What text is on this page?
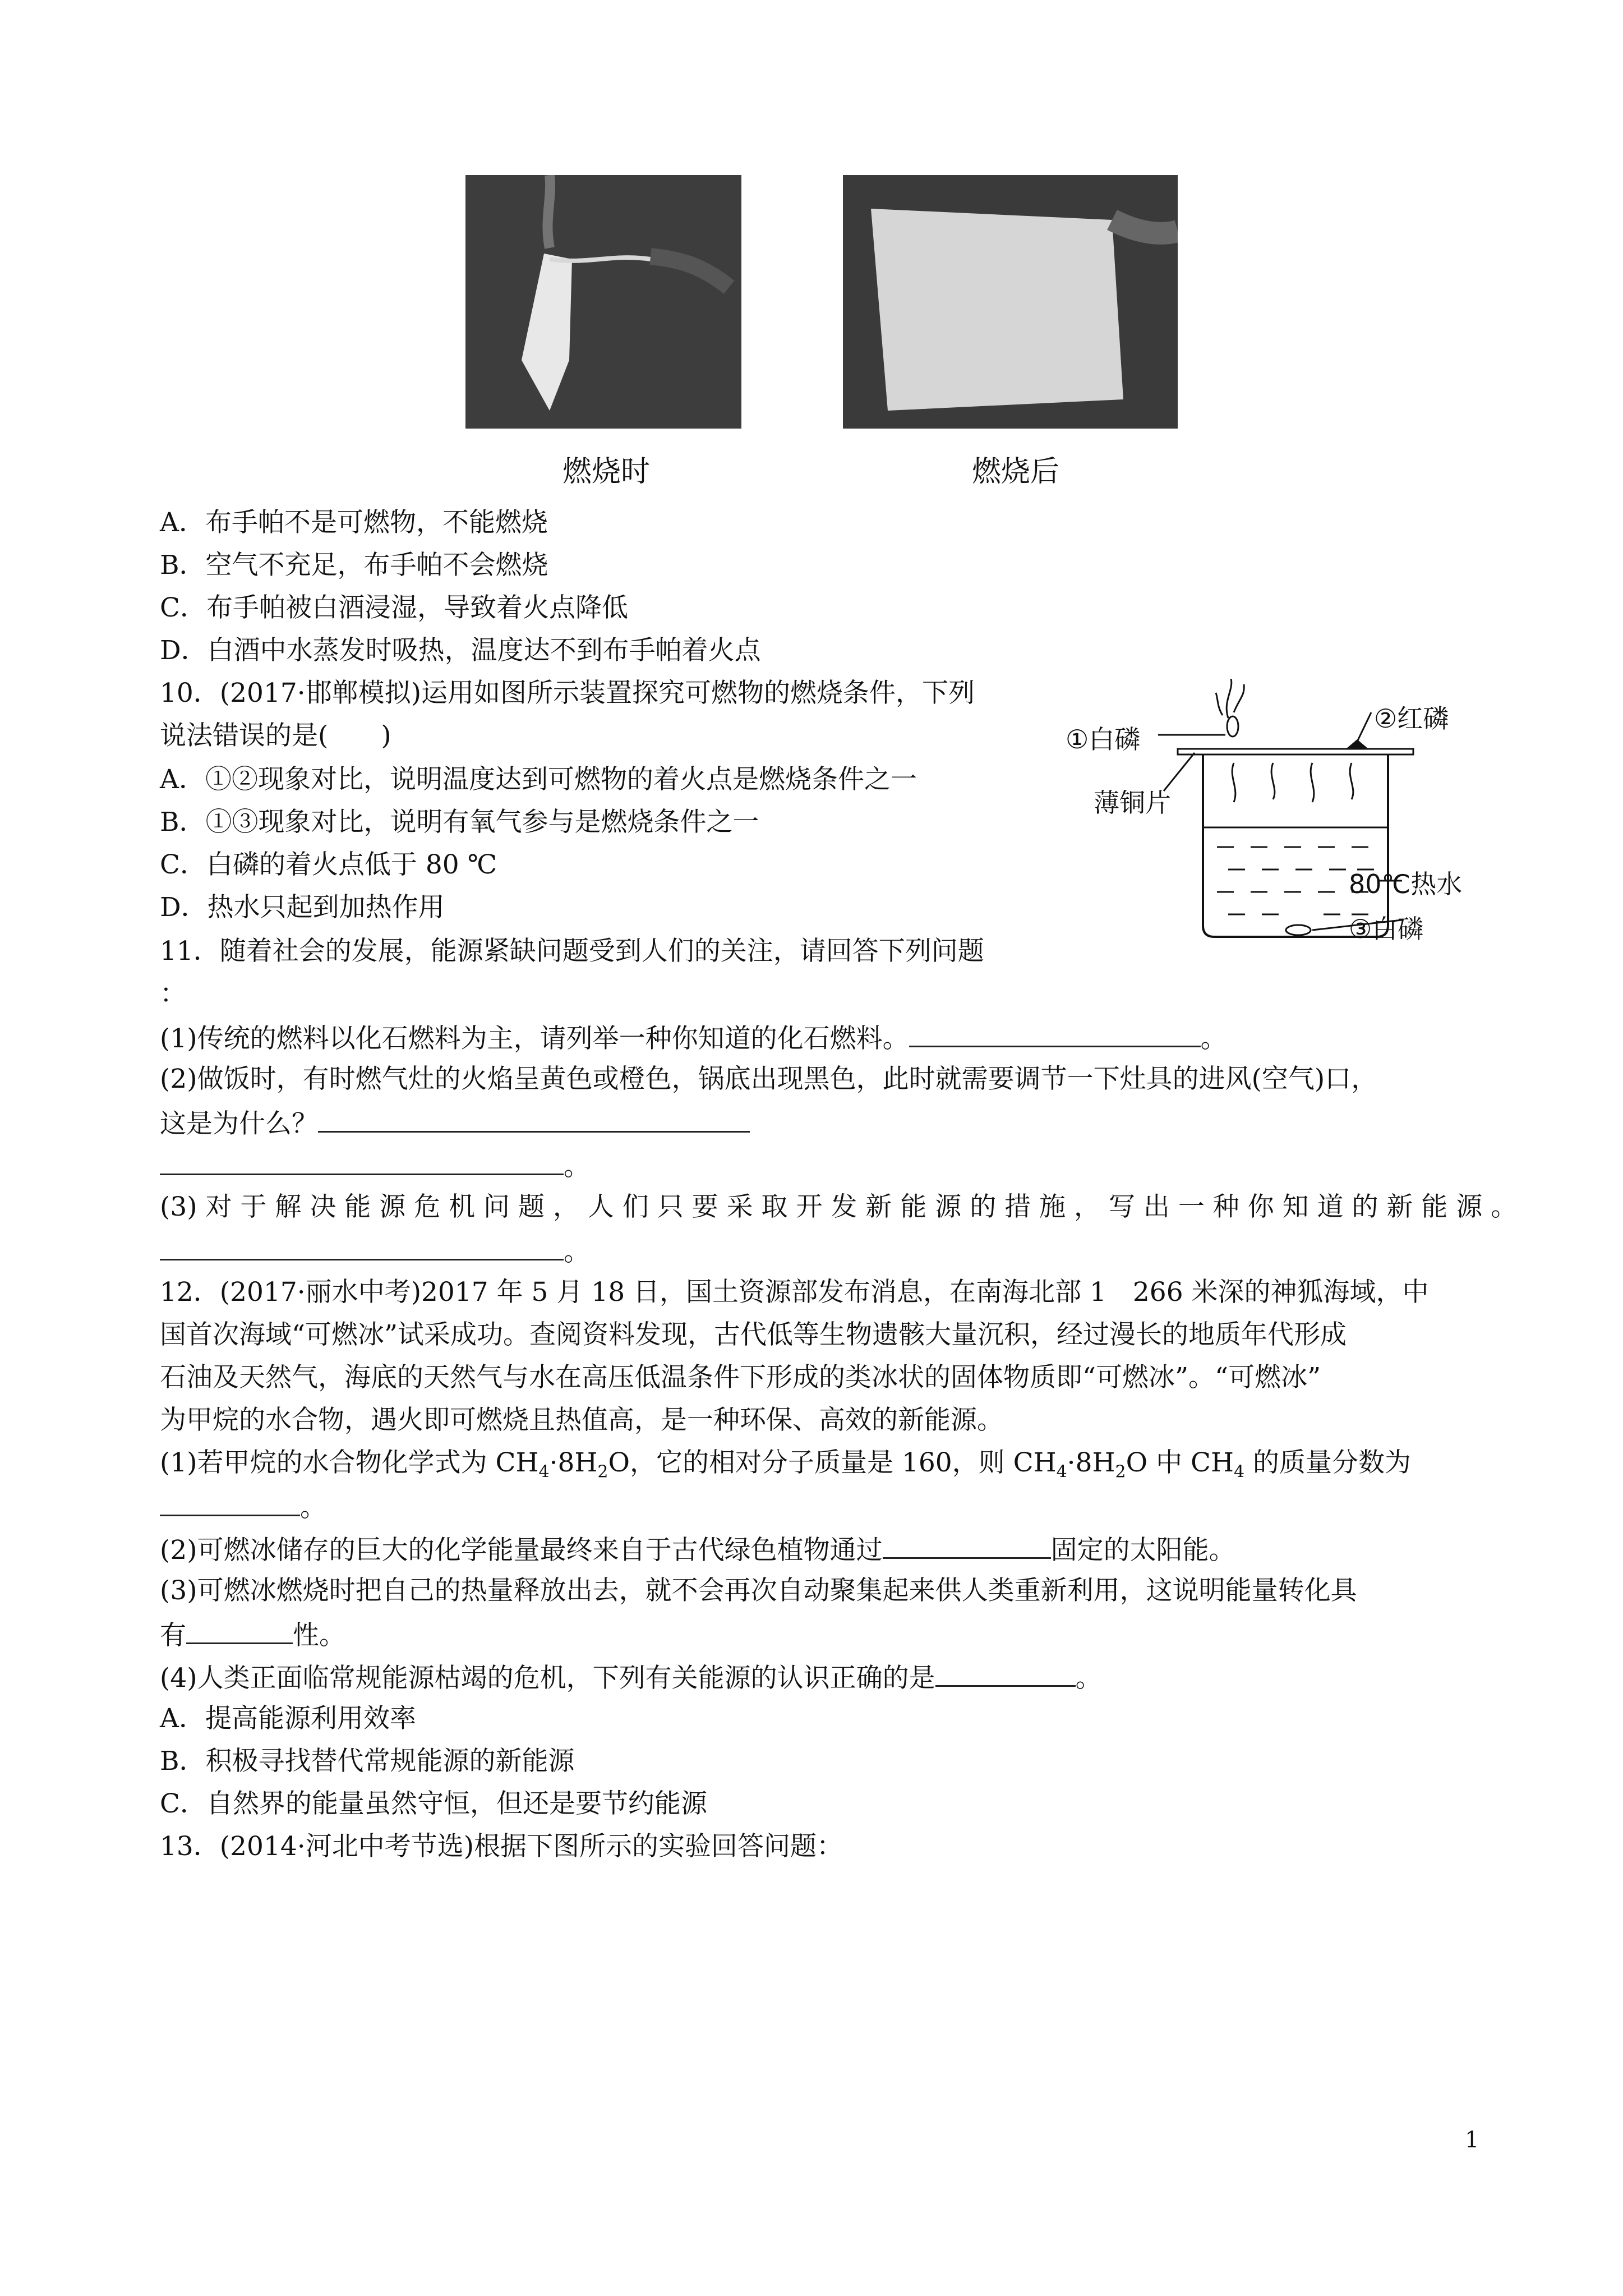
燃烧时	燃烧后
A．布手帕不是可燃物，不能燃烧
B．空气不充足，布手帕不会燃烧
C．布手帕被白酒浸湿，导致着火点降低
D．白酒中水蒸发时吸热，温度达不到布手帕着火点
10．(2017·邯郸模拟)运用如图所示装置探究可燃物的燃烧条件，下列
说法错误的是(　　)
A．①②现象对比，说明温度达到可燃物的着火点是燃烧条件之一
B．①③现象对比，说明有氧气参与是燃烧条件之一
C．白磷的着火点低于 80 ℃
D．热水只起到加热作用
①白磷
②红磷
薄铜片
80℃热水
③白磷
11．随着社会的发展，能源紧缺问题受到人们的关注，请回答下列问题
：
(1)传统的燃料以化石燃料为主，请列举一种你知道的化石燃料。	。
(2)做饭时，有时燃气灶的火焰呈黄色或橙色，锅底出现黑色，此时就需要调节一下灶具的进风(空气)口，
这是为什么？
。
(3) 对 于 解 决 能 源 危 机 问 题 ， 人 们 只 要 采 取 开 发 新 能 源 的 措 施 ， 写 出 一 种 你 知 道 的 新 能 源 。
。
12．(2017·丽水中考)2017 年 5 月 18 日，国土资源部发布消息，在南海北部 1　266 米深的神狐海域，中
国首次海域“可燃冰”试采成功。查阅资料发现，古代低等生物遗骸大量沉积，经过漫长的地质年代形成
石油及天然气，海底的天然气与水在高压低温条件下形成的类冰状的固体物质即“可燃冰”。“可燃冰”
为甲烷的水合物，遇火即可燃烧且热值高，是一种环保、高效的新能源。
(1)若甲烷的水合物化学式为 $CH_4\cdot 8H_2O$，它的相对分子质量是 160，则 $CH_4\cdot 8H_2O$ 中 $CH_4$ 的质量分数为
。
(2)可燃冰储存的巨大的化学能量最终来自于古代绿色植物通过	固定的太阳能。
(3)可燃冰燃烧时把自己的热量释放出去，就不会再次自动聚集起来供人类重新利用，这说明能量转化具
有	性。
(4)人类正面临常规能源枯竭的危机，下列有关能源的认识正确的是	。
A．提高能源利用效率
B．积极寻找替代常规能源的新能源
C．自然界的能量虽然守恒，但还是要节约能源
13．(2014·河北中考节选)根据下图所示的实验回答问题：
1
